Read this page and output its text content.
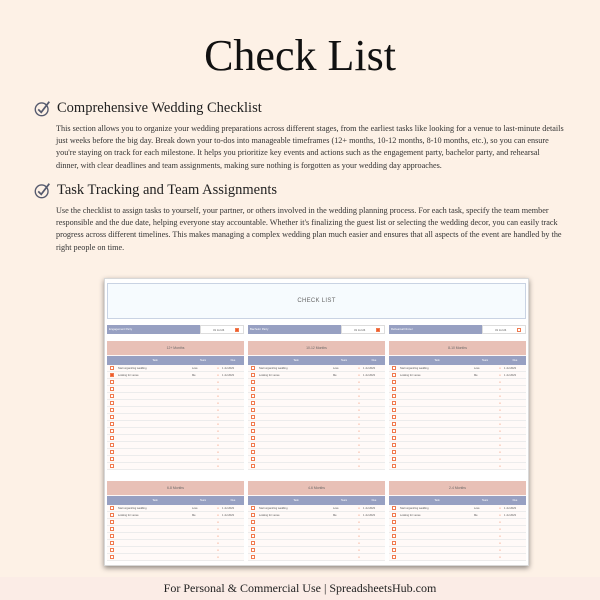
Check List
Comprehensive Wedding Checklist

This section allows you to organize your wedding preparations across different stages, from the earliest tasks like looking for a venue to last-minute details just weeks before the big day. Break down your to-dos into manageable timeframes (12+ months, 10-12 months, 8-10 months, etc.), so you can ensure you're staying on track for each milestone. It helps you prioritize key events and actions such as the engagement party, bachelor party, and rehearsal dinner, with clear deadlines and team assignments, making sure nothing is forgotten as your wedding day approaches.

Task Tracking and Team Assignments

Use the checklist to assign tasks to yourself, your partner, or others involved in the wedding planning process. For each task, specify the team member responsible and the due date, helping everyone stay accountable. Whether it's finalizing the guest list or selecting the wedding decor, you can easily track progress across different timelines. This makes managing a complex wedding plan much easier and ensures that all aspects of the event are handled by the right people on time.

CHECK LIST
Engagement Party	31 Jul 24	Bachelor Party	31 Jul 24	Rehearsal Dinner	31 Jul 24
12+ Months
Task	Team	Due
Start organizing wedding	Love	▾	1 Jul 2023
Looking for venue	Me	▾	1 Jul 2023
▾
▾
▾
▾
▾
▾
▾
▾
▾
▾
▾
▾
▾
10-12 Months
Task	Team	Due
Start organizing wedding	Love	▾	1 Jul 2023
Looking for venue	Me	▾	1 Jul 2023
▾
▾
▾
▾
▾
▾
▾
▾
▾
▾
▾
▾
▾
8-10 Months
Task	Team	Due
Start organizing wedding	Love	▾	1 Jul 2023
Looking for venue	Me	▾	1 Jul 2023
▾
▾
▾
▾
▾
▾
▾
▾
▾
▾
▾
▾
▾
6-8 Months
Task	Team	Due
Start organizing wedding	Love	▾	1 Jul 2023
Looking for venue	Me	▾	1 Jul 2023
▾
▾
▾
▾
▾
▾
4-6 Months
Task	Team	Due
Start organizing wedding	Love	▾	1 Jul 2023
Looking for venue	Me	▾	1 Jul 2023
▾
▾
▾
▾
▾
▾
2-4 Months
Task	Team	Due
Start organizing wedding	Love	▾	1 Jul 2023
Looking for venue	Me	▾	1 Jul 2023
▾
▾
▾
▾
▾
▾
For Personal & Commercial Use | SpreadsheetsHub.com
